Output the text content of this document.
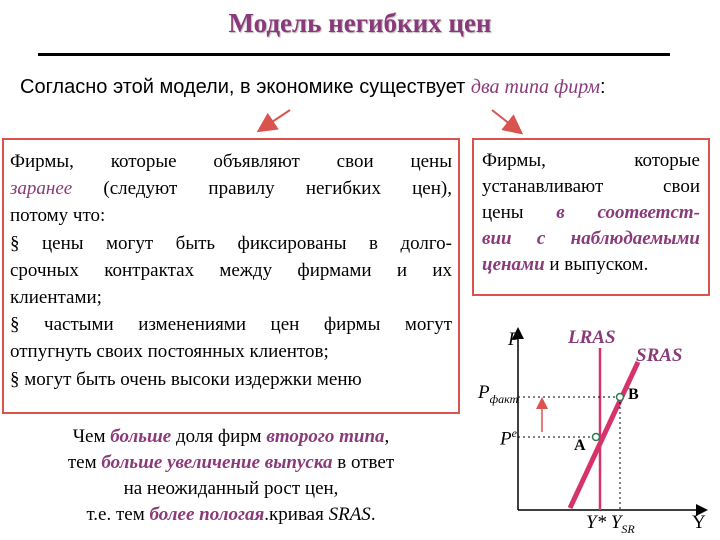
Модель негибких цен
Согласно этой модели, в экономике существует два типа фирм:
Фирмы, которые объявляют свои цены
заранее (следуют правилу негибких цен),
потому что:
§ цены могут быть фиксированы в долго-
срочных контрактах между фирмами и их
клиентами;
§ частыми изменениями цен фирмы могут
отпугнуть своих постоянных клиентов;
§ могут быть очень высоки издержки меню
Фирмы, которые
устанавливают свои
цены в соответст-
вии с наблюдаемыми
ценами и выпуском.
Чем больше доля фирм второго типа,
тем больше увеличение выпуска в ответ
на неожиданный рост цен,
т.е. тем более пологая.кривая SRAS.
P	LRAS
SRAS
$P_{факт}$
$P^e$
A
B
Y* $Y_{SR}$	Y
